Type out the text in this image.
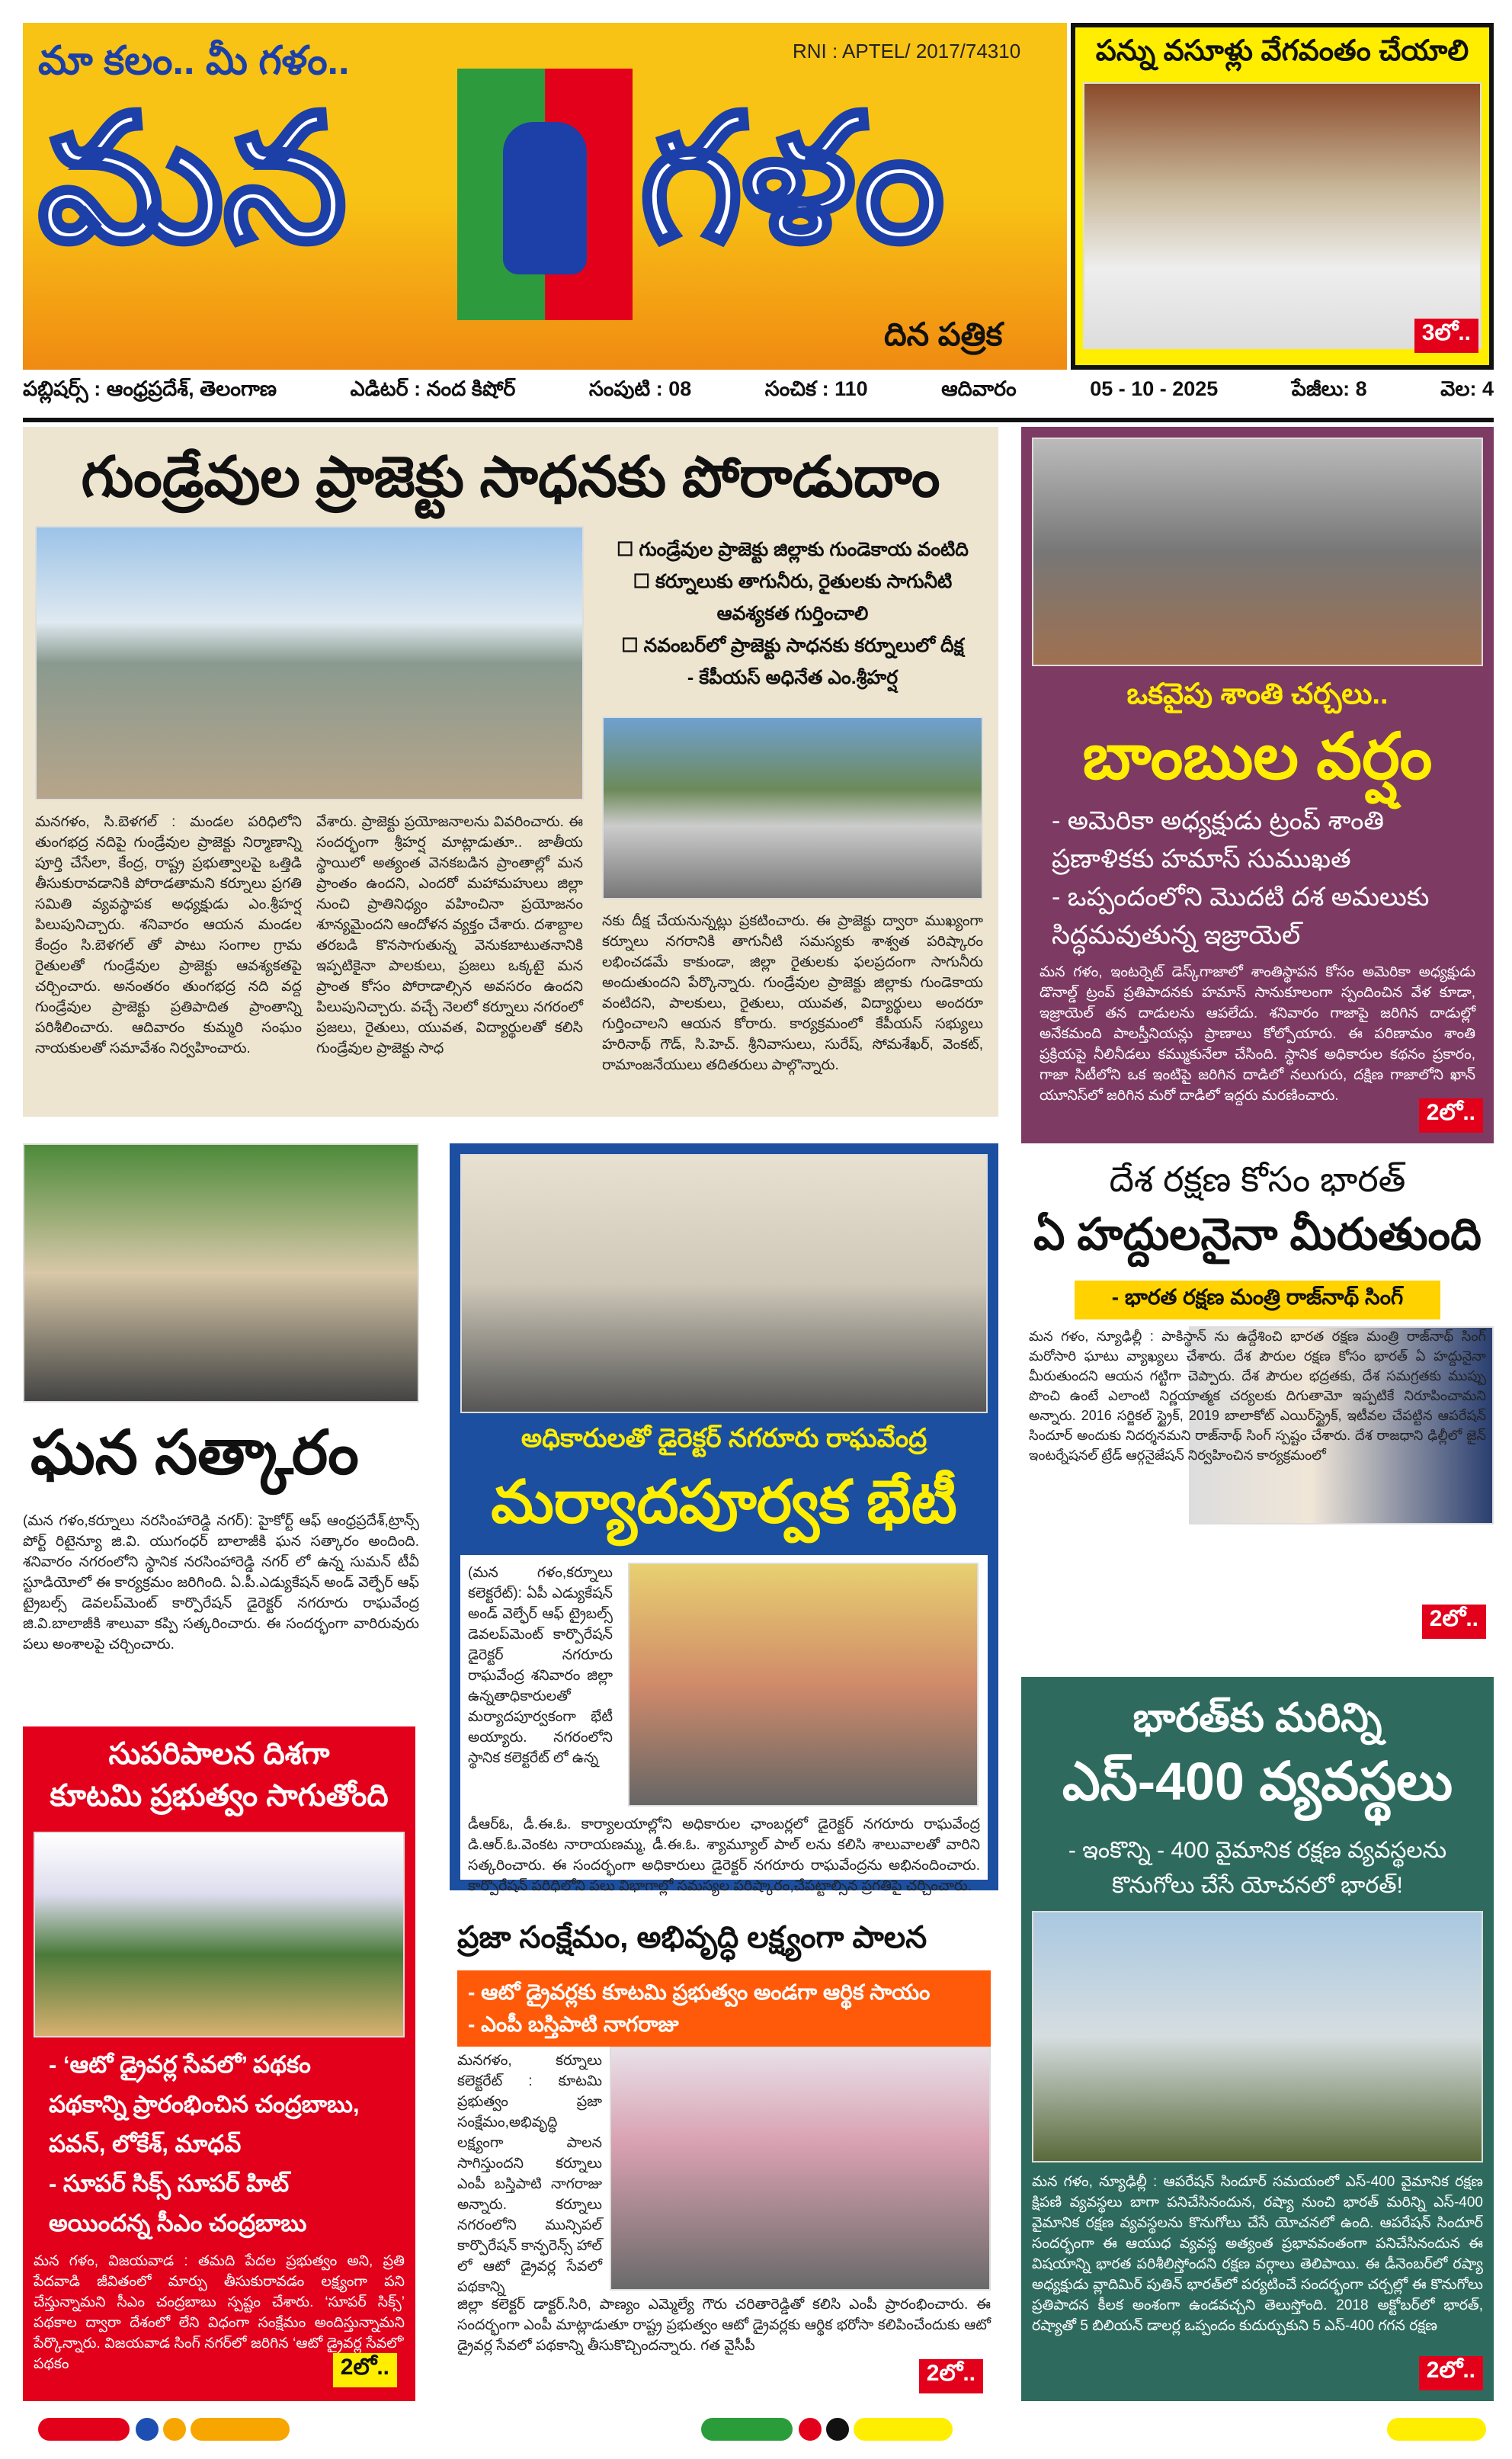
మా కలం.. మీ గళం..	RNI : APTEL/ 2017/74310
మన గళం
దిన పత్రిక
పన్ను వసూళ్లు వేగవంతం చేయాలి
3లో..
పబ్లిషర్స్ : ఆంధ్రప్రదేశ్, తెలంగాణ	ఎడిటర్ : నంద కిషోర్	సంపుటి : 08	సంచిక : 110	ఆదివారం	05 - 10 - 2025	పేజీలు: 8	వెల: 4
గుండ్రేవుల ప్రాజెక్టు సాధనకు పోరాడుదాం
☐ గుండ్రేవుల ప్రాజెక్టు జిల్లాకు గుండెకాయ వంటిది
☐ కర్నూలుకు తాగునీరు, రైతులకు సాగునీటి ఆవశ్యకత గుర్తించాలి
☐ నవంబర్‌లో ప్రాజెక్టు సాధనకు కర్నూలులో దీక్ష
- కేపీయస్ అధినేత ఎం.శ్రీహర్ష
మనగళం, సి.బెళగల్ : మండల పరిధిలోని తుంగభద్ర నదిపై గుండ్రేవుల ప్రాజెక్టు నిర్మాణాన్ని పూర్తి చేసేలా, కేంద్ర, రాష్ట్ర ప్రభుత్వాలపై ఒత్తిడి తీసుకురావడానికి పోరాడతామని కర్నూలు ప్రగతి సమితి వ్యవస్థాపక అధ్యక్షుడు ఎం.శ్రీహర్ష పిలుపునిచ్చారు. శనివారం ఆయన మండల కేంద్రం సి.బెళగల్ తో పాటు సంగాల గ్రామ రైతులతో గుండ్రేవుల ప్రాజెక్టు ఆవశ్యకతపై చర్చించారు. అనంతరం తుంగభద్ర నది వద్ద గుండ్రేవుల ప్రాజెక్టు ప్రతిపాదిత ప్రాంతాన్ని పరిశీలించారు. ఆదివారం కుమ్మరి సంఘం నాయకులతో సమావేశం నిర్వహించారు.
వేశారు. ప్రాజెక్టు ప్రయోజనాలను వివరించారు. ఈ సందర్భంగా శ్రీహర్ష మాట్లాడుతూ.. జాతీయ స్థాయిలో అత్యంత వెనకబడిన ప్రాంతాల్లో మన ప్రాంతం ఉందని, ఎందరో మహామహులు జిల్లా నుంచి ప్రాతినిధ్యం వహించినా ప్రయోజనం శూన్యమైందని ఆందోళన వ్యక్తం చేశారు. దశాబ్దాల తరబడి కొనసాగుతున్న వెనుకబాటుతనానికి ఇప్పటికైనా పాలకులు, ప్రజలు ఒక్కటై మన ప్రాంత కోసం పోరాడాల్సిన అవసరం ఉందని పిలుపునిచ్చారు. వచ్చే నెలలో కర్నూలు నగరంలో ప్రజలు, రైతులు, యువత, విద్యార్థులతో కలిసి గుండ్రేవుల ప్రాజెక్టు సాధ
నకు దీక్ష చేయనున్నట్లు ప్రకటించారు. ఈ ప్రాజెక్టు ద్వారా ముఖ్యంగా కర్నూలు నగరానికి తాగునీటి సమస్యకు శాశ్వత పరిష్కారం లభించడమే కాకుండా, జిల్లా రైతులకు ఫలప్రదంగా సాగునీరు అందుతుందని పేర్కొన్నారు. గుండ్రేవుల ప్రాజెక్టు జిల్లాకు గుండెకాయ వంటిదని, పాలకులు, రైతులు, యువత, విద్యార్థులు అందరూ గుర్తించాలని ఆయన కోరారు. కార్యక్రమంలో కేపీయస్ సభ్యులు హరినాథ్ గౌడ్, సి.హెచ్. శ్రీనివాసులు, సురేష్, సోమశేఖర్, వెంకట్, రామాంజనేయులు తదితరులు పాల్గొన్నారు.
ఒకవైపు శాంతి చర్చలు..
బాంబుల వర్షం
- అమెరికా అధ్యక్షుడు ట్రంప్ శాంతి ప్రణాళికకు హమాస్ సుముఖత
- ఒప్పందంలోని మొదటి దశ అమలుకు సిద్ధమవుతున్న ఇజ్రాయెల్
మన గళం, ఇంటర్నెట్ డెస్క్‌గాజాలో శాంతిస్థాపన కోసం అమెరికా అధ్యక్షుడు డొనాల్డ్ ట్రంప్ ప్రతిపాదనకు హమాస్ సానుకూలంగా స్పందించిన వేళ కూడా, ఇజ్రాయెల్ తన దాడులను ఆపలేదు. శనివారం గాజాపై జరిగిన దాడుల్లో అనేకమంది పాలస్తీనియన్లు ప్రాణాలు కోల్పోయారు. ఈ పరిణామం శాంతి ప్రక్రియపై నీలినీడలు కమ్ముకునేలా చేసింది. స్థానిక అధికారుల కథనం ప్రకారం, గాజా సిటీలోని ఒక ఇంటిపై జరిగిన దాడిలో నలుగురు, దక్షిణ గాజాలోని ఖాన్ యూనిస్‌లో జరిగిన మరో దాడిలో ఇద్దరు మరణించారు.
2లో..
ఘన సత్కారం
(మన గళం,కర్నూలు నరసింహారెడ్డి నగర్): హైకోర్ట్ ఆఫ్ ఆంధ్రప్రదేశ్,ట్రాన్స్ పోర్ట్ రిటైన్యూ జి.వి. యుగంధర్ బాలాజీకి ఘన సత్కారం అందింది. శనివారం నగరంలోని స్థానిక నరసింహారెడ్డి నగర్ లో ఉన్న సుమన్ టీవీ స్టూడియోలో ఈ కార్యక్రమం జరిగింది. ఏ.పీ.ఎడ్యుకేషన్ అండ్ వెల్ఫేర్ ఆఫ్ ట్రైబల్స్ డెవలప్‌మెంట్ కార్పొరేషన్ డైరెక్టర్ నగరూరు రాఘవేంద్ర జి.వి.బాలాజీకి శాలువా కప్పి సత్కరించారు. ఈ సందర్భంగా వారిరువురు పలు అంశాలపై చర్చించారు.
అధికారులతో డైరెక్టర్ నగరూరు రాఘవేంద్ర
మర్యాదపూర్వక భేటీ
(మన గళం,కర్నూలు కలెక్టరేట్): ఏపీ ఎడ్యుకేషన్ అండ్ వెల్ఫేర్ ఆఫ్ ట్రైబల్స్ డెవలప్‌మెంట్ కార్పొరేషన్ డైరెక్టర్ నగరూరు రాఘవేంద్ర శనివారం జిల్లా ఉన్నతాధికారులతో మర్యాదపూర్వకంగా భేటీ అయ్యారు. నగరంలోని స్థానిక కలెక్టరేట్ లో ఉన్న
డీఆర్‌ఓ, డీ.ఈ.ఓ. కార్యాలయాల్లోని అధికారుల ఛాంబర్లలో డైరెక్టర్ నగరూరు రాఘవేంద్ర డి.ఆర్.ఓ.వెంకట నారాయణమ్మ, డీ.ఈ.ఓ. శ్యామ్యూల్ పాల్ లను కలిసి శాలువాలతో వారిని సత్కరించారు. ఈ సందర్భంగా అధికారులు డైరెక్టర్ నగరూరు రాఘవేంద్రను అభినందించారు. కార్పొరేషన్ పరిధిలోని పలు విభాగాల్లో సమస్యల పరిష్కారం,చేపట్టాల్సిన ప్రగతిపై చర్చించారు.
దేశ రక్షణ కోసం భారత్
ఏ హద్దులనైనా మీరుతుంది
- భారత రక్షణ మంత్రి రాజ్‌నాథ్ సింగ్
మన గళం, న్యూఢిల్లీ : పాకిస్థాన్ ను ఉద్దేశించి భారత రక్షణ మంత్రి రాజ్‌నాథ్ సింగ్ మరోసారి ఘాటు వ్యాఖ్యలు చేశారు. దేశ పౌరుల రక్షణ కోసం భారత్ ఏ హద్దునైనా మీరుతుందని ఆయన గట్టిగా చెప్పారు. దేశ పౌరుల భద్రతకు, దేశ సమగ్రతకు ముప్పు పొంచి ఉంటే ఎలాంటి నిర్ణయాత్మక చర్యలకు దిగుతామో ఇప్పటికే నిరూపించామని అన్నారు. 2016 సర్జికల్ స్ట్రైక్, 2019 బాలాకోట్ ఎయిర్‌స్ట్రైక్, ఇటీవల చేపట్టిన ఆపరేషన్ సిందూర్ అందుకు నిదర్శనమని రాజ్‌నాథ్ సింగ్ స్పష్టం చేశారు. దేశ రాజధాని ఢిల్లీలో జైన్ ఇంటర్నేషనల్ ట్రేడ్ ఆర్గనైజేషన్ నిర్వహించిన కార్యక్రమంలో
2లో..
భారత్‌కు మరిన్ని
ఎస్-400 వ్యవస్థలు
- ఇంకొన్ని - 400 వైమానిక రక్షణ వ్యవస్థలను కొనుగోలు చేసే యోచనలో భారత్!
మన గళం, న్యూఢిల్లీ : ఆపరేషన్ సిందూర్ సమయంలో ఎస్-400 వైమానిక రక్షణ క్షిపణి వ్యవస్థలు బాగా పనిచేసినందున, రష్యా నుంచి భారత్ మరిన్ని ఎస్-400 వైమానిక రక్షణ వ్యవస్థలను కొనుగోలు చేసే యోచనలో ఉంది. ఆపరేషన్ సిందూర్ సందర్భంగా ఈ ఆయుధ వ్యవస్థ అత్యంత ప్రభావవంతంగా పనిచేసినందున ఈ విషయాన్ని భారత పరిశీలిస్తోందని రక్షణ వర్గాలు తెలిపాయి. ఈ డీనెంబర్‌లో రష్యా అధ్యక్షుడు వ్లాదిమిర్ పుతిన్ భారత్‌లో పర్యటించే సందర్భంగా చర్చల్లో ఈ కొనుగోలు ప్రతిపాదన కీలక అంశంగా ఉండవచ్చని తెలుస్తోంది. 2018 అక్టోబర్‌లో భారత్, రష్యాతో 5 బిలియన్ డాలర్ల ఒప్పందం కుదుర్చుకుని 5 ఎస్-400 గగన రక్షణ
2లో..
సుపరిపాలన దిశగా
కూటమి ప్రభుత్వం సాగుతోంది
- ‘ఆటో డ్రైవర్ల సేవలో’ పథకం పథకాన్ని ప్రారంభించిన చంద్రబాబు, పవన్, లోకేశ్, మాధవ్
- సూపర్ సిక్స్ సూపర్ హిట్ అయిందన్న సీఎం చంద్రబాబు
మన గళం, విజయవాడ : తమది పేదల ప్రభుత్వం అని, ప్రతి పేదవాడి జీవితంలో మార్పు తీసుకురావడం లక్ష్యంగా పని చేస్తున్నామని సీఎం చంద్రబాబు స్పష్టం చేశారు. ‘సూపర్ సిక్స్’ పథకాల ద్వారా దేశంలో లేని విధంగా సంక్షేమం అందిస్తున్నామని పేర్కొన్నారు. విజయవాడ సింగ్ నగర్‌లో జరిగిన ‘ఆటో డ్రైవర్ల సేవలో’ పథకం	2లో..
ప్రజా సంక్షేమం, అభివృద్ధి లక్ష్యంగా పాలన
- ఆటో డ్రైవర్లకు కూటమి ప్రభుత్వం అండగా ఆర్థిక సాయం
- ఎంపీ బస్తిపాటి నాగరాజు
మనగళం, కర్నూలు కలెక్టరేట్ : కూటమి ప్రభుత్వం ప్రజా సంక్షేమం,అభివృద్ధి లక్ష్యంగా పాలన సాగిస్తుందని కర్నూలు ఎంపీ బస్తిపాటి నాగరాజు అన్నారు. కర్నూలు నగరంలోని మున్సిపల్ కార్పొరేషన్ కాన్ఫరెన్స్ హాల్ లో ఆటో డ్రైవర్ల సేవలో పథకాన్ని
జిల్లా కలెక్టర్ డాక్టర్.సిరి, పాణ్యం ఎమ్మెల్యే గౌరు చరితారెడ్డితో కలిసి ఎంపీ ప్రారంభించారు. ఈ సందర్భంగా ఎంపీ మాట్లాడుతూ రాష్ట్ర ప్రభుత్వం ఆటో డ్రైవర్లకు ఆర్థిక భరోసా కలిపించేందుకు ఆటో డ్రైవర్ల సేవలో పథకాన్ని తీసుకొచ్చిందన్నారు. గత వైసీపీ
2లో..
